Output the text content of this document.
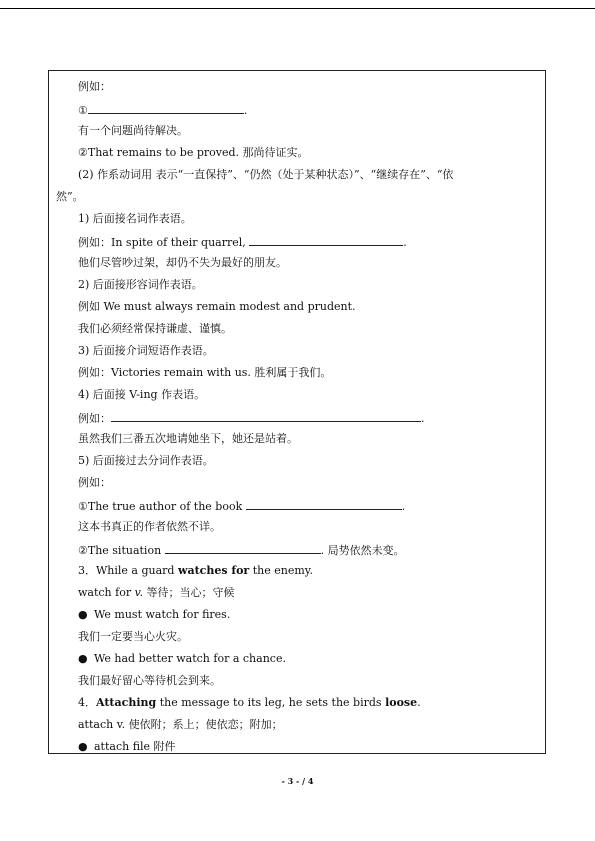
例如：
①	.
有一个问题尚待解决。
②That remains to be proved. 那尚待证实。
(2) 作系动词用 表示“一直保持”、“仍然（处于某种状态）”、“继续存在”、“依
然”。
1) 后面接名词作表语。
例如：In spite of their quarrel,	.
他们尽管吵过架，却仍不失为最好的朋友。
2) 后面接形容词作表语。
例如 We must always remain modest and prudent.
我们必须经常保持谦虚、谨慎。
3) 后面接介词短语作表语。
例如：Victories remain with us. 胜利属于我们。
4) 后面接 V-ing 作表语。
例如：	.
虽然我们三番五次地请她坐下，她还是站着。
5) 后面接过去分词作表语。
例如：
①The true author of the book	.
这本书真正的作者依然不详。
②The situation	. 局势依然未变。
3．While a guard watches for the enemy.
watch for v. 等待；当心；守候
● We must watch for fires.
我们一定要当心火灾。
● We had better watch for a chance.
我们最好留心等待机会到来。
4．Attaching the message to its leg, he sets the birds loose.
attach v. 使依附；系上；使依恋；附加；
● attach file 附件
- 3 - / 4
